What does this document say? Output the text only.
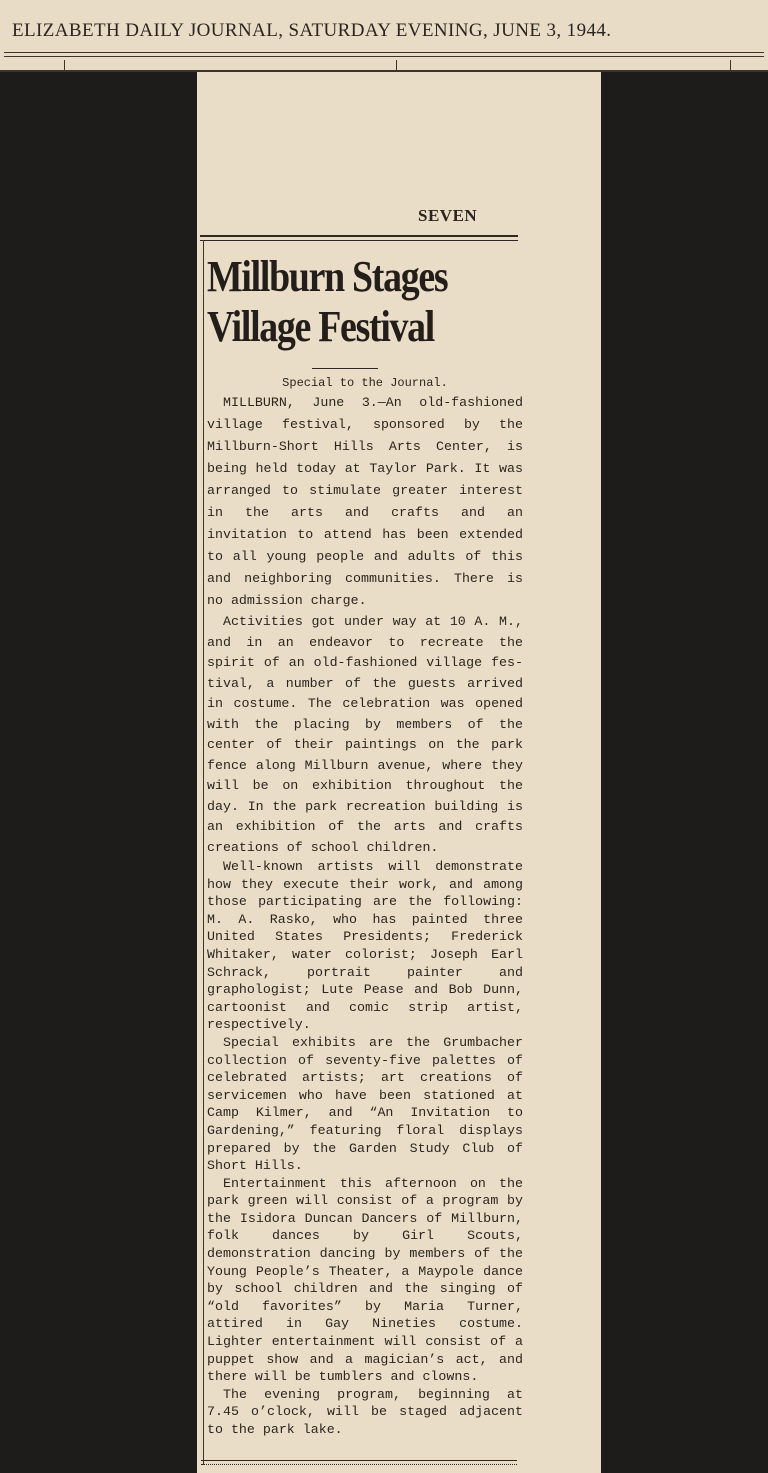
ELIZABETH DAILY JOURNAL, SATURDAY EVENING, JUNE 3, 1944.
SEVEN
Millburn Stages
Village Festival
Special to the Journal.

MILLBURN, June 3.—An old-fashioned village festival, sponsored by the Millburn-Short Hills Arts Center, is being held today at Taylor Park. It was arranged to stimulate greater interest in the arts and crafts and an invitation to attend has been extended to all young people and adults of this and neighboring communities. There is no admission charge.

Activities got under way at 10 A. M., and in an endeavor to recreate the spirit of an old-fashioned village festival, a number of the guests arrived in costume. The celebration was opened with the placing by members of the center of their paintings on the park fence along Millburn avenue, where they will be on exhibition throughout the day. In the park recreation building is an exhibition of the arts and crafts creations of school children.

Well-known artists will demonstrate how they execute their work, and among those participating are the following: M. A. Rasko, who has painted three United States Presidents; Frederick Whitaker, water colorist; Joseph Earl Schrack, portrait painter and graphologist; Lute Pease and Bob Dunn, cartoonist and comic strip artist, respectively.

Special exhibits are the Grumbacher collection of seventy-five palettes of celebrated artists; art creations of servicemen who have been stationed at Camp Kilmer, and “An Invitation to Gardening,” featuring floral displays prepared by the Garden Study Club of Short Hills.

Entertainment this afternoon on the park green will consist of a program by the Isidora Duncan Dancers of Millburn, folk dances by Girl Scouts, demonstration dancing by members of the Young People’s Theater, a Maypole dance by school children and the singing of “old favorites” by Maria Turner, attired in Gay Nineties costume. Lighter entertainment will consist of a puppet show and a magician’s act, and there will be tumblers and clowns.

The evening program, beginning at 7.45 o’clock, will be staged adjacent to the park lake.
